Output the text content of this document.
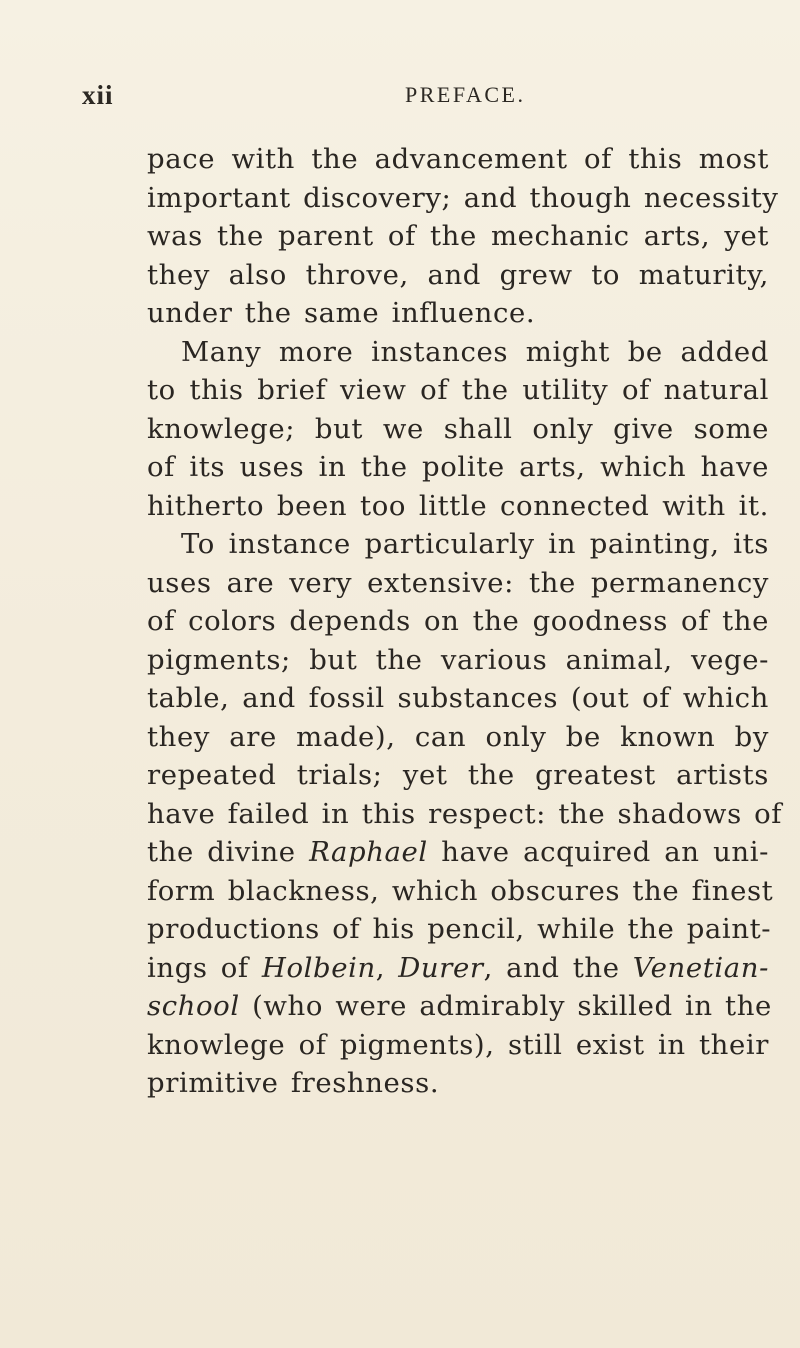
xii	PREFACE.
pace with the advancement of this most
important discovery; and though necessity
was the parent of the mechanic arts, yet
they also throve, and grew to maturity,
under the same influence.
Many more instances might be added
to this brief view of the utility of natural
knowlege; but we shall only give some
of its uses in the polite arts, which have
hitherto been too little connected with it.
To instance particularly in painting, its
uses are very extensive: the permanency
of colors depends on the goodness of the
pigments; but the various animal, vege-
table, and fossil substances (out of which
they are made), can only be known by
repeated trials; yet the greatest artists
have failed in this respect: the shadows of
the divine Raphael have acquired an uni-
form blackness, which obscures the finest
productions of his pencil, while the paint-
ings of Holbein, Durer, and the Venetian-
school (who were admirably skilled in the
knowlege of pigments), still exist in their
primitive freshness.
